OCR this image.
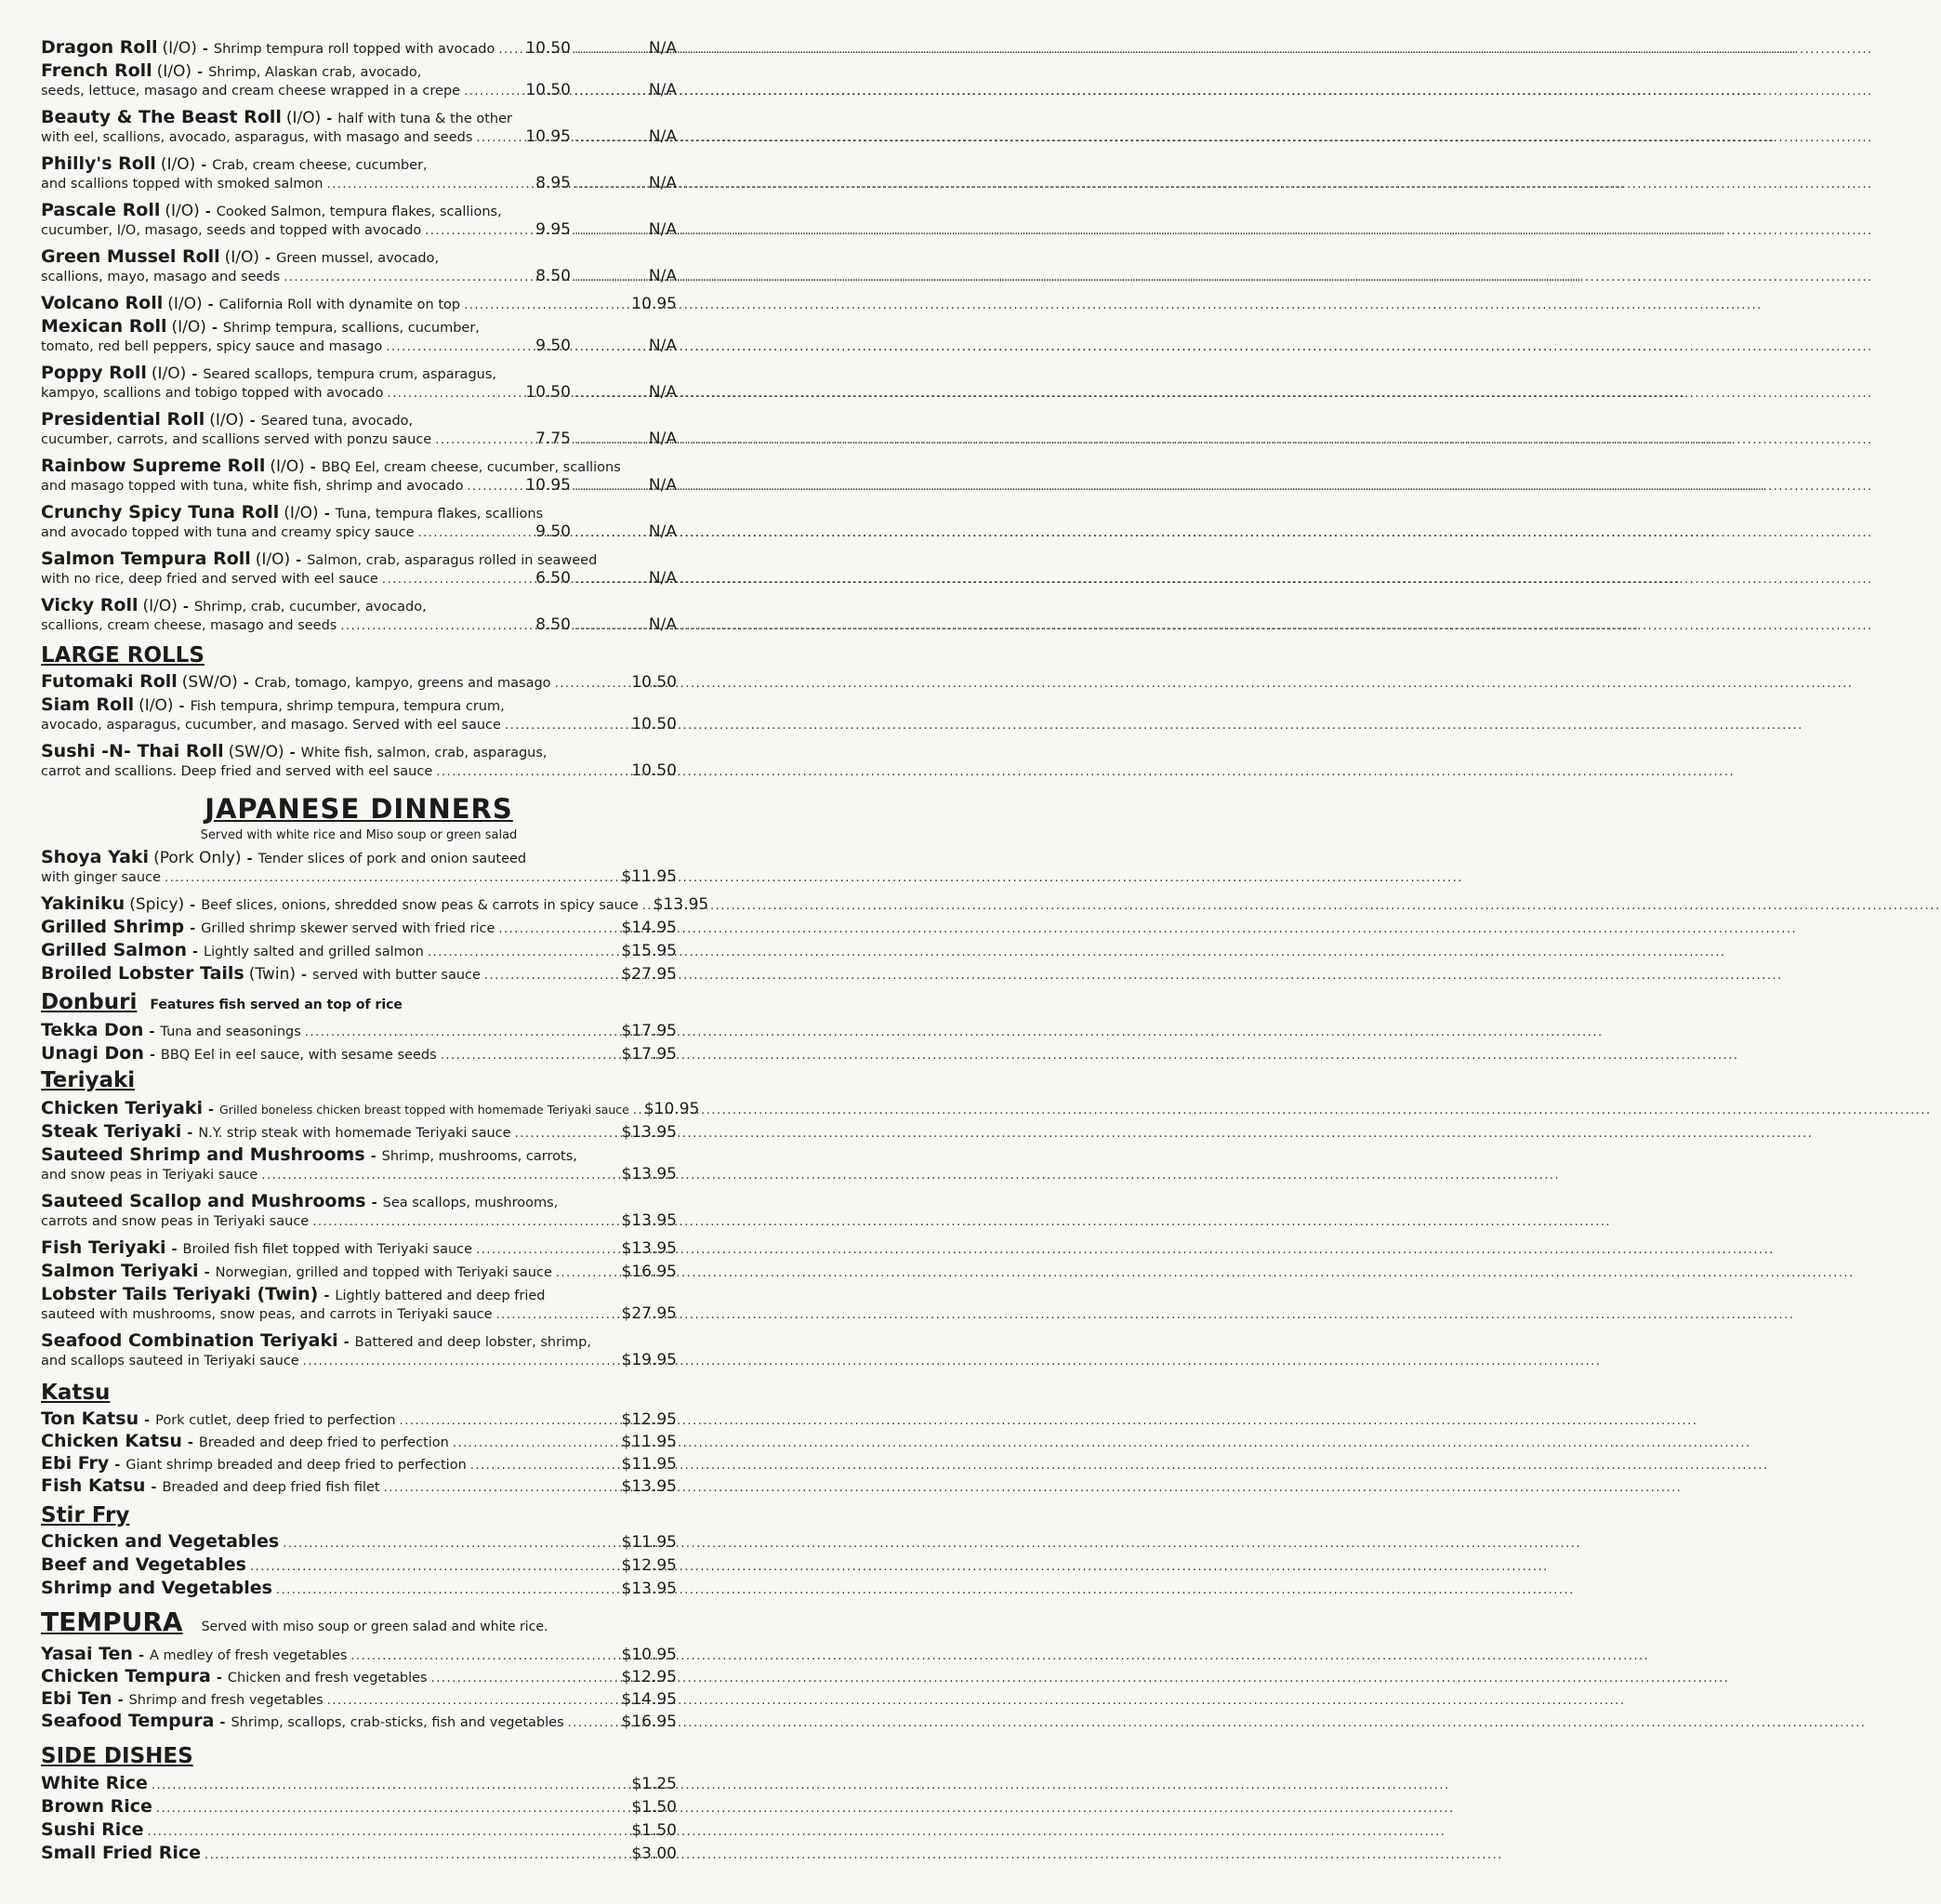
Dragon Roll (I/O) - Shrimp tempura roll topped with avocado .....	10.50 .....	N/A
French Roll (I/O) - Shrimp, Alaskan crab, avocado,
seeds, lettuce, masago and cream cheese wrapped in a crepe .....	10.50 .....	N/A
Beauty & The Beast Roll (I/O) - half with tuna & the other
with eel, scallions, avocado, asparagus, with masago and seeds .....	10.95 .....	N/A
Philly's Roll (I/O) - Crab, cream cheese, cucumber,
and scallions topped with smoked salmon .....	8.95 .....	N/A
Pascale Roll (I/O) - Cooked Salmon, tempura flakes, scallions,
cucumber, I/O, masago, seeds and topped with avocado .....	9.95 .....	N/A
Green Mussel Roll (I/O) - Green mussel, avocado,
scallions, mayo, masago and seeds .....	8.50 .....	N/A
Volcano Roll (I/O) - California Roll with dynamite on top .....	10.95
Mexican Roll (I/O) - Shrimp tempura, scallions, cucumber,
tomato, red bell peppers, spicy sauce and masago .....	9.50 .....	N/A
Poppy Roll (I/O) - Seared scallops, tempura crum, asparagus,
kampyo, scallions and tobigo topped with avocado .....	10.50 .....	N/A
Presidential Roll (I/O) - Seared tuna, avocado,
cucumber, carrots, and scallions served with ponzu sauce .....	7.75 .....	N/A
Rainbow Supreme Roll (I/O) - BBQ Eel, cream cheese, cucumber, scallions
and masago topped with tuna, white fish, shrimp and avocado .....	10.95 .....	N/A
Crunchy Spicy Tuna Roll (I/O) - Tuna, tempura flakes, scallions
and avocado topped with tuna and creamy spicy sauce .....	9.50 .....	N/A
Salmon Tempura Roll (I/O) - Salmon, crab, asparagus rolled in seaweed
with no rice, deep fried and served with eel sauce .....	6.50 .....	N/A
Vicky Roll (I/O) - Shrimp, crab, cucumber, avocado,
scallions, cream cheese, masago and seeds .....	8.50 .....	N/A
LARGE ROLLS
Futomaki Roll (SW/O) - Crab, tomago, kampyo, greens and masago .....	10.50
Siam Roll (I/O) - Fish tempura, shrimp tempura, tempura crum,
avocado, asparagus, cucumber, and masago. Served with eel sauce .....	10.50
Sushi -N- Thai Roll (SW/O) - White fish, salmon, crab, asparagus,
carrot and scallions. Deep fried and served with eel sauce .....	10.50
JAPANESE DINNERS
Served with white rice and Miso soup or green salad
Shoya Yaki (Pork Only) - Tender slices of pork and onion sauteed
with ginger sauce .....	$11.95
Yakiniku (Spicy) - Beef slices, onions, shredded snow peas & carrots in spicy sauce ..... $13.95
Grilled Shrimp - Grilled shrimp skewer served with fried rice .....	$14.95
Grilled Salmon - Lightly salted and grilled salmon .....	$15.95
Broiled Lobster Tails (Twin) - served with butter sauce .....	$27.95
Donburi Features fish served an top of rice
Tekka Don - Tuna and seasonings .....	$17.95
Unagi Don - BBQ Eel in eel sauce, with sesame seeds .....	$17.95
Teriyaki
Chicken Teriyaki - Grilled boneless chicken breast topped with homemade Teriyaki sauce ..... $10.95
Steak Teriyaki - N.Y. strip steak with homemade Teriyaki sauce .....	$13.95
Sauteed Shrimp and Mushrooms - Shrimp, mushrooms, carrots,
and snow peas in Teriyaki sauce .....	$13.95
Sauteed Scallop and Mushrooms - Sea scallops, mushrooms,
carrots and snow peas in Teriyaki sauce .....	$13.95
Fish Teriyaki - Broiled fish filet topped with Teriyaki sauce .....	$13.95
Salmon Teriyaki - Norwegian, grilled and topped with Teriyaki sauce .....	$16.95
Lobster Tails Teriyaki (Twin) - Lightly battered and deep fried
sauteed with mushrooms, snow peas, and carrots in Teriyaki sauce .....	$27.95
Seafood Combination Teriyaki - Battered and deep lobster, shrimp,
and scallops sauteed in Teriyaki sauce .....	$19.95
Katsu
Ton Katsu - Pork cutlet, deep fried to perfection .....	$12.95
Chicken Katsu - Breaded and deep fried to perfection .....	$11.95
Ebi Fry - Giant shrimp breaded and deep fried to perfection .....	$11.95
Fish Katsu - Breaded and deep fried fish filet .....	$13.95
Stir Fry
Chicken and Vegetables .....	$11.95
Beef and Vegetables .....	$12.95
Shrimp and Vegetables .....	$13.95
TEMPURA Served with miso soup or green salad and white rice.
Yasai Ten - A medley of fresh vegetables .....	$10.95
Chicken Tempura - Chicken and fresh vegetables .....	$12.95
Ebi Ten - Shrimp and fresh vegetables .....	$14.95
Seafood Tempura - Shrimp, scallops, crab-sticks, fish and vegetables .....	$16.95
SIDE DISHES
White Rice .....	$1.25
Brown Rice .....	$1.50
Sushi Rice .....	$1.50
Small Fried Rice .....	$3.00
